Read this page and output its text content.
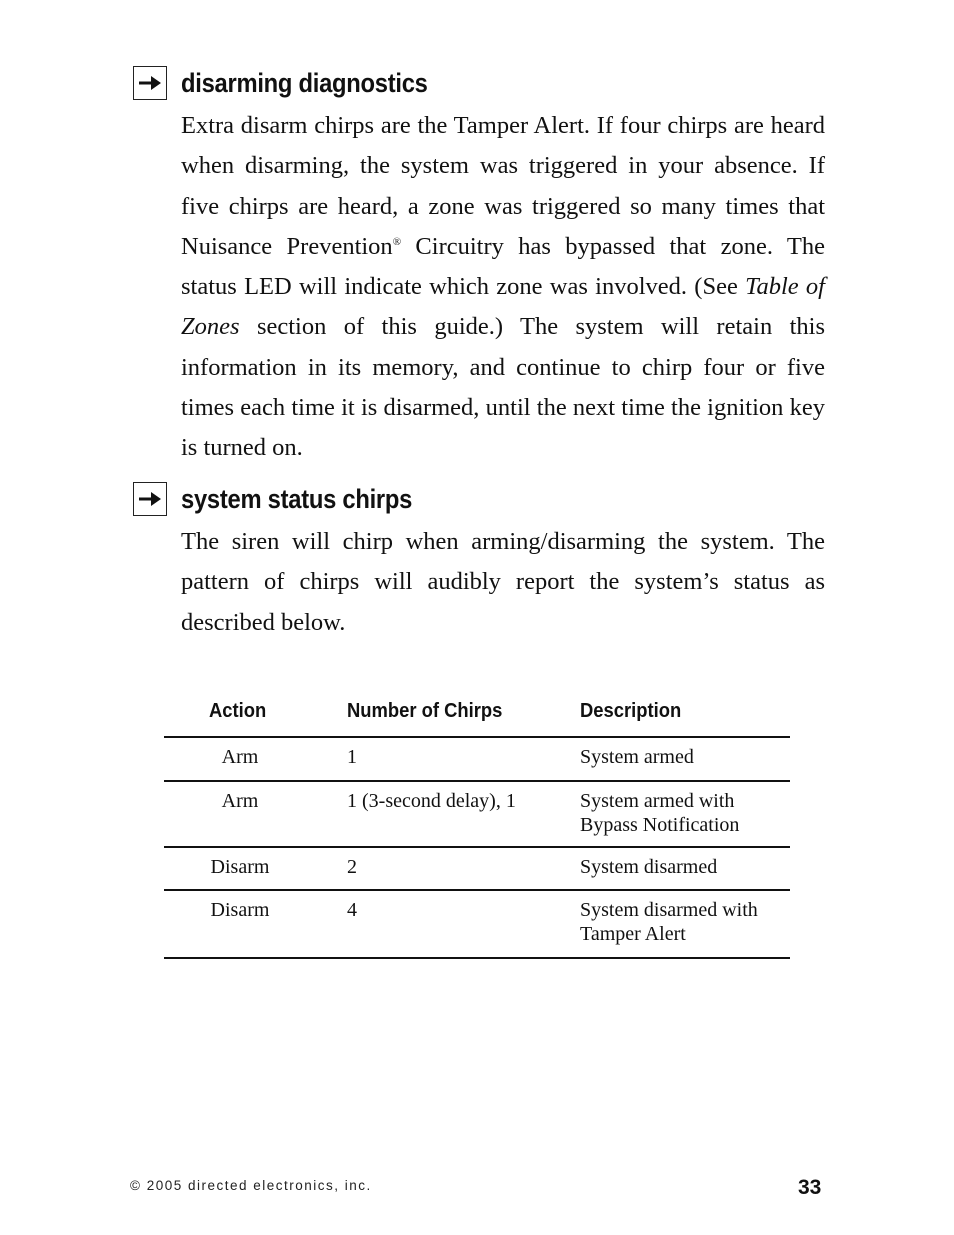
disarming diagnostics

Extra disarm chirps are the Tamper Alert. If four chirps are heard when disarming, the system was triggered in your absence. If five chirps are heard, a zone was triggered so many times that Nuisance Prevention® Circuitry has bypassed that zone. The status LED will indicate which zone was involved. (See Table of Zones section of this guide.) The system will retain this information in its memory, and continue to chirp four or five times each time it is disarmed, until the next time the ignition key is turned on.

system status chirps

The siren will chirp when arming/disarming the system. The pattern of chirps will audibly report the system’s status as described below.

Action	Number of Chirps	Description
Arm	1	System armed
Arm	1 (3-second delay), 1	System armed with
Bypass Notification
Disarm	2	System disarmed
Disarm	4	System disarmed with
Tamper Alert
© 2005 directed electronics, inc.	33
